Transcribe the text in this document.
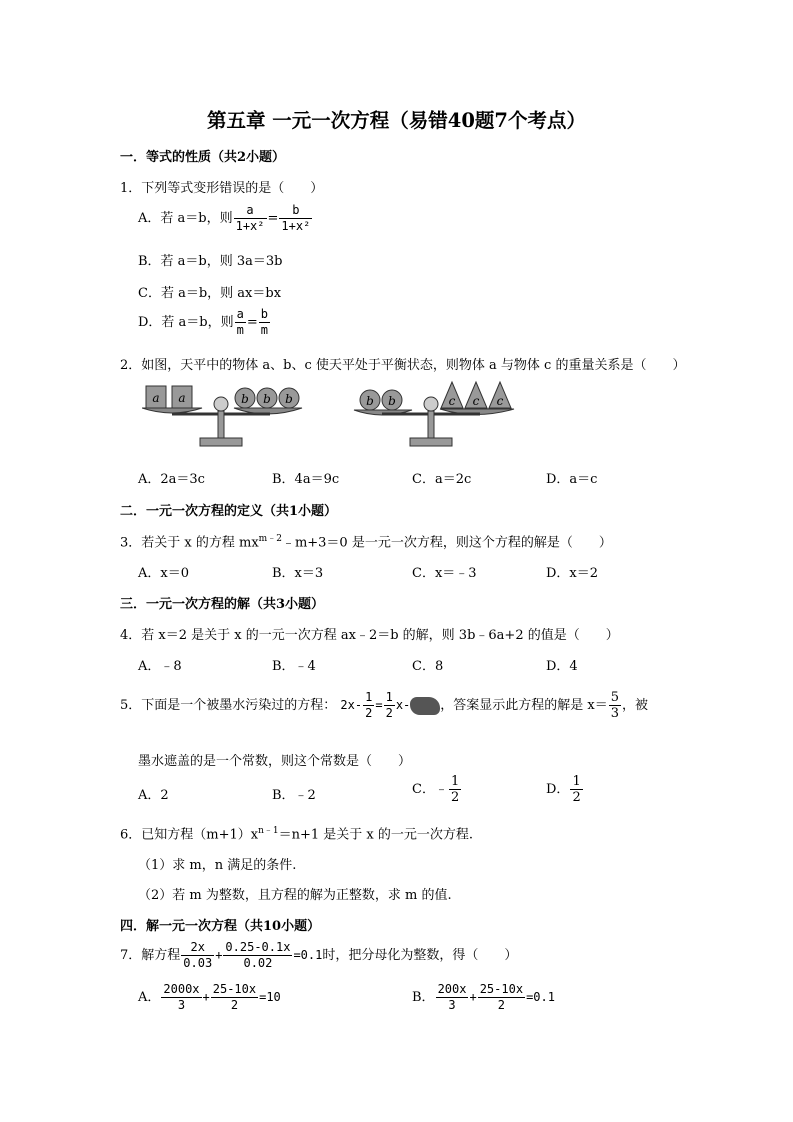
第五章 一元一次方程（易错40题7个考点）
一．等式的性质（共2小题）
1．下列等式变形错误的是（　　）
A．若 a＝b，则 $\frac{a}{\text{1+x²}} = \frac{b}{\text{1+x²}}$
B．若 a＝b，则 3a＝3b
C．若 a＝b，则 ax＝bx
D．若 a＝b，则 $\frac{a}{m} = \frac{b}{m}$
2．如图，天平中的物体 a、b、c 使天平处于平衡状态，则物体 a 与物体 c 的重量关系是（　　）
a a	b b b	b b	c c c
A．2a＝3c	B．4a＝9c	C．a＝2c	D．a＝c
二．一元一次方程的定义（共1小题）
3．若关于 x 的方程 $mx^{m﹣2}﹣m+3=0$ 是一元一次方程，则这个方程的解是（　　）
A．x＝0	B．x＝3	C．x＝﹣3	D．x＝2
三．一元一次方程的解（共3小题）
4．若 x＝2 是关于 x 的一元一次方程 ax﹣2＝b 的解，则 3b﹣6a+2 的值是（　　）
A．﹣8	B．﹣4	C．8	D．4
5．下面是一个被墨水污染过的方程： $2x- \frac{1}{2} = \frac{1}{2} x-$ ，答案显示此方程的解是 $x= \frac{5}{3}$ ，被
墨水遮盖的是一个常数，则这个常数是（　　）
A．2	B．﹣2	C．﹣ $\frac{1}{2}$	D． $\frac{1}{2}$
6．已知方程$(m+1)x^{n﹣1}=n+1$ 是关于 x 的一元一次方程.
（1）求 m，n 满足的条件.
（2）若 m 为整数，且方程的解为正整数，求 m 的值.
四．解一元一次方程（共10小题）
7．解方程 $\frac{2x}{0.03} + \frac{0.25-0.1x}{0.02} =0.1$时，把分母化为整数，得（　　）
A． $\frac{2000x}{3} + \frac{25-10x}{2} =10$	B． $\frac{200x}{3} + \frac{25-10x}{2} =0.1$
